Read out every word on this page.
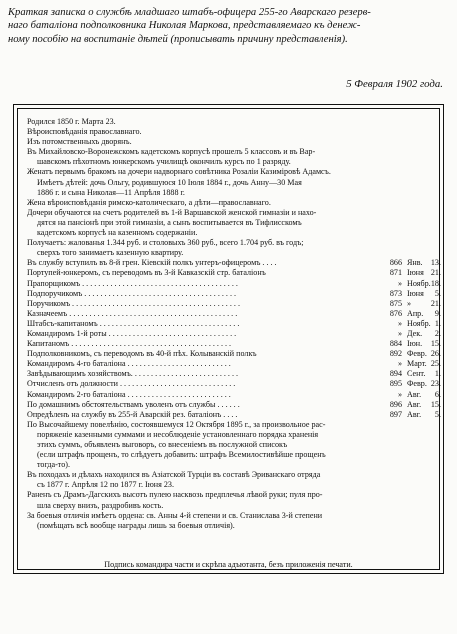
Краткая записка о службѣ младшаго штабъ-офицера 255-го Аварскаго резерв-
наго баталіона подполковника Николая Маркова, представляемаго къ денеж-
ному пособію на воспитаніе дѣтей (прописывать причину представленія).
5 Февраля 1902 года.
Родился 1850 г. Марта 23.
Вѣроисповѣданія православнаго.
Изъ потомственныхъ дворянъ.
Въ Михайловско-Воронежскомъ кадетскомъ корпусѣ прошелъ 5 классовъ и въ Вар-
шавскомъ пѣхотномъ юнкерскомъ училищѣ окончилъ курсъ по 1 разряду.
Женатъ первымъ бракомъ на дочери надворнаго совѣтника Розаліи Казиміровѣ Адамсъ.
Имѣетъ дѣтей: дочь Ольгу, родившуюся 10 Іюля 1884 г., дочь Анну—30 Мая
1886 г. и сына Николая—11 Апрѣля 1888 г.
Жена вѣроисповѣданія римско-католическаго, а дѣти—православнаго.
Дочери обучаются на счетъ родителей въ 1-й Варшавской женской гимназіи и нахо-
дятся на пансіонѣ при этой гимназіи, а сынъ воспитывается въ Тифлисскомъ
кадетскомъ корпусѣ на казенномъ содержаніи.
Получаетъ: жалованья 1.344 руб. и столовыхъ 360 руб., всего 1.704 руб. въ годъ;
сверхъ того занимаетъ казенную квартиру.
Въ службу вступилъ въ 8-й грен. Кіевскій полкъ унтеръ-офицеромъ . . . .	866 Янв.	13.
Портупей-юнкеромъ, съ переводомъ въ 3-й Кавказскій стр. баталіонъ	871 Іюня 21.
Прапорщикомъ . . . . . . . . . . . . . . . . . . . . . . . . . . . . . . . . . . . . . . .	» Ноябр. 18.
Подпоручикомъ . . . . . . . . . . . . . . . . . . . . . . . . . . . . . . . . . . . . . .	873 Іюня	5.
Поручикомъ . . . . . . . . . . . . . . . . . . . . . . . . . . . . . . . . . . . . . . . . . .	875 »	21.
Казначеемъ . . . . . . . . . . . . . . . . . . . . . . . . . . . . . . . . . . . . . . . . . .	876 Апр.	9.
Штабсъ-капитаномъ . . . . . . . . . . . . . . . . . . . . . . . . . . . . . . . . . . .	» Ноябр. 1.
Командиромъ 1-й роты . . . . . . . . . . . . . . . . . . . . . . . . . . . . . . . .	» Дек.	2.
Капитаномъ . . . . . . . . . . . . . . . . . . . . . . . . . . . . . . . . . . . . . . . .	884 Іюн.	15.
Подполковникомъ, съ переводомъ въ 40-й пѣх. Колыванскій полкъ	892 Февр. 26.
Командиромъ 4-го баталіона . . . . . . . . . . . . . . . . . . . . . . . . . .	» Март. 25.
Завѣдывающимъ хозяйствомъ. . . . . . . . . . . . . . . . . . . . . . . . . . .	894 Сент.	1.
Отчисленъ отъ должности . . . . . . . . . . . . . . . . . . . . . . . . . . . . .	895 Февр. 23.
Командиромъ 2-го баталіона . . . . . . . . . . . . . . . . . . . . . . . . . .	» Авг.	6.
По домашнимъ обстоятельствамъ уволенъ отъ службы . . . . . .	896 Авг.	15.
Опредѣленъ на службу въ 255-й Аварскій рез. баталіонъ . . . .	897 Авг.	5.
По Высочайшему повелѣнію, состоявшемуся 12 Октября 1895 г., за произвольное рас-
поряженіе казенными суммами и несоблюденіе установленнаго порядка храненія
этихъ суммъ, объявленъ выговоръ, со внесеніемъ въ послужной списокъ
(если штрафъ прощенъ, то слѣдуетъ добавить: штрафъ Всемилостивѣйше прощенъ
тогда-то).
Въ походахъ и дѣлахъ находился въ Азіатской Турціи въ составѣ Эриванскаго отряда
съ 1877 г. Апрѣля 12 по 1877 г. Іюня 23.
Раненъ съ Драмъ-Дагскихъ высотъ пулею насквозь предплечья лѣвой руки; пуля про-
шла сверху внизъ, раздробивъ кость.
За боевыя отличія имѣетъ ордена: св. Анны 4-й степени и св. Станислава 3-й степени
(помѣщать всѣ вообще награды лишь за боевыя отличія).
Подпись командира части и скрѣпа адъютанта, безъ приложенія печати.
